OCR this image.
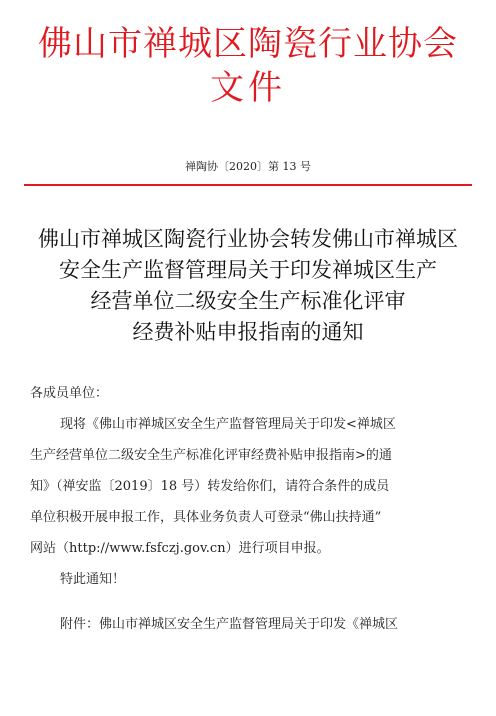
佛山市禅城区陶瓷行业协会
文件
禅陶协〔2020〕第 13 号
佛山市禅城区陶瓷行业协会转发佛山市禅城区
安全生产监督管理局关于印发禅城区生产
经营单位二级安全生产标准化评审
经费补贴申报指南的通知
各成员单位：
现将《佛山市禅城区安全生产监督管理局关于印发<禅城区
生产经营单位二级安全生产标准化评审经费补贴申报指南>的通
知》（禅安监〔2019〕18 号）转发给你们，请符合条件的成员
单位积极开展申报工作，具体业务负责人可登录“佛山扶持通”
网站（http://www.fsfczj.gov.cn）进行项目申报。
特此通知！
附件：佛山市禅城区安全生产监督管理局关于印发《禅城区
